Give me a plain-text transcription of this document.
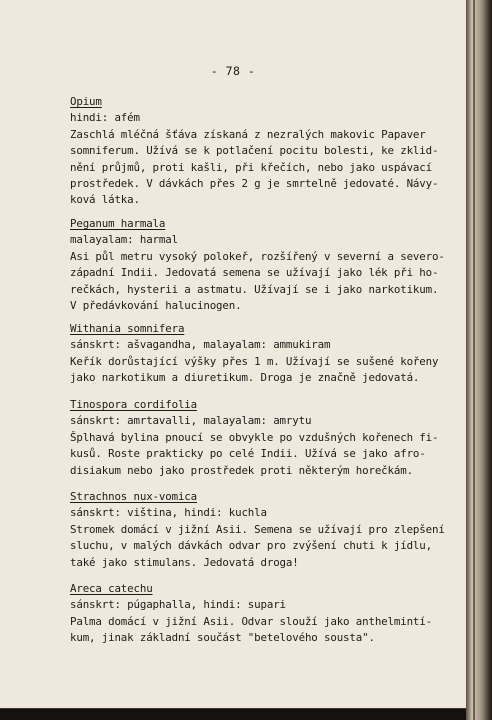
- 78 -
Opium
hindi: afém
Zaschlá mléčná šťáva získaná z nezralých makovic Papaver
somniferum. Užívá se k potlačení pocitu bolesti, ke zklid-
nění průjmů, proti kašli, při křečích, nebo jako uspávací
prostředek. V dávkách přes 2 g je smrtelně jedovaté. Návy-
ková látka.
Peganum harmala
malayalam: harmal
Asi půl metru vysoký polokeř, rozšířený v severní a severo-
západní Indii. Jedovatá semena se užívají jako lék při ho-
rečkách, hysterii a astmatu. Užívají se i jako narkotikum.
V předávkování halucinogen.
Withania somnifera
sánskrt: ašvagandha, malayalam: ammukiram
Keřík dorůstající výšky přes 1 m. Užívají se sušené kořeny
jako narkotikum a diuretikum. Droga je značně jedovatá.
Tinospora cordifolia
sánskrt: amrtavalli, malayalam: amrytu
Šplhavá bylina pnoucí se obvykle po vzdušných kořenech fi-
kusů. Roste prakticky po celé Indii. Užívá se jako afro-
disiakum nebo jako prostředek proti některým horečkám.
Strachnos nux-vomica
sánskrt: viština, hindi: kuchla
Stromek domácí v jižní Asii. Semena se užívají pro zlepšení
sluchu, v malých dávkách odvar pro zvýšení chuti k jídlu,
také jako stimulans. Jedovatá droga!
Areca catechu
sánskrt: púgaphalla, hindi: supari
Palma domácí v jižní Asii. Odvar slouží jako anthelmintí-
kum, jinak základní součást "betelového sousta".
